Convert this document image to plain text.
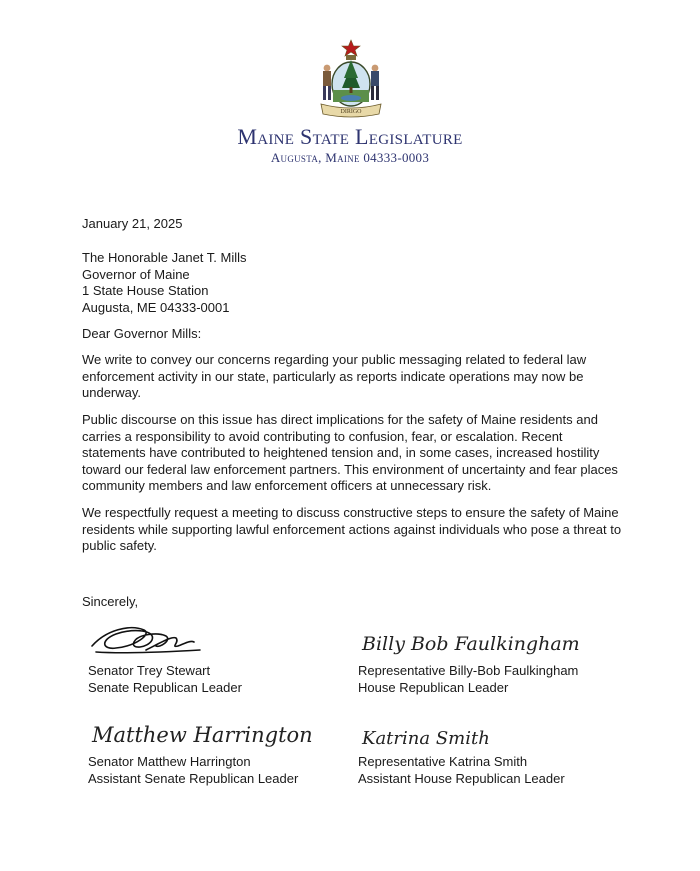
DIRIGO
Maine State Legislature
Augusta, Maine 04333-0003
January 21, 2025
The Honorable Janet T. Mills
Governor of Maine
1 State House Station
Augusta, ME 04333-0001
Dear Governor Mills:
We write to convey our concerns regarding your public messaging related to federal law enforcement activity in our state, particularly as reports indicate operations may now be underway.
Public discourse on this issue has direct implications for the safety of Maine residents and carries a responsibility to avoid contributing to confusion, fear, or escalation. Recent statements have contributed to heightened tension and, in some cases, increased hostility toward our federal law enforcement partners. This environment of uncertainty and fear places community members and law enforcement officers at unnecessary risk.
We respectfully request a meeting to discuss constructive steps to ensure the safety of Maine residents while supporting lawful enforcement actions against individuals who pose a threat to public safety.
Sincerely,
Billy Bob Faulkingham
Matthew Harrington	Katrina Smith
Senator Trey Stewart
Senate Republican Leader
Representative Billy-Bob Faulkingham
House Republican Leader
Senator Matthew Harrington
Assistant Senate Republican Leader
Representative Katrina Smith
Assistant House Republican Leader
